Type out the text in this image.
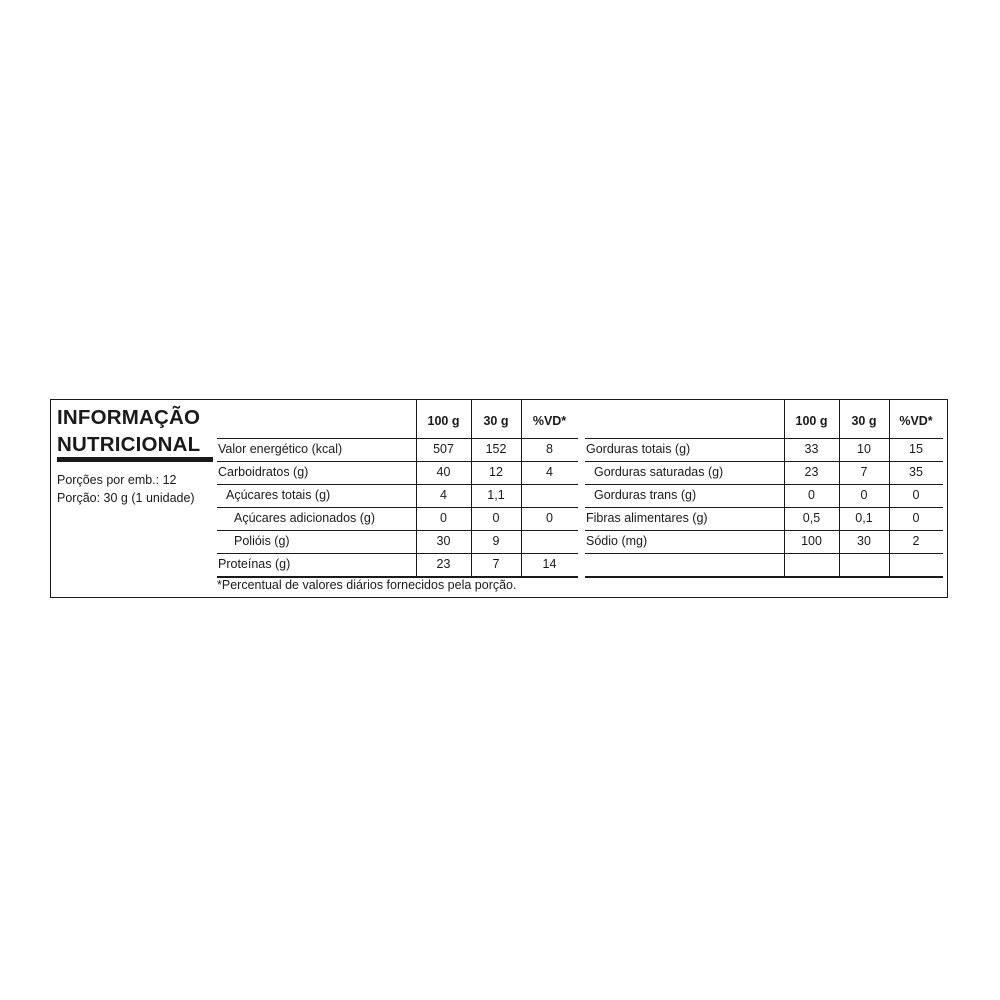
INFORMAÇÃO
NUTRICIONAL
Porções por emb.: 12
Porção: 30 g (1 unidade)
100 g	30 g	%VD*
Valor energético (kcal)	507	152	8
Carboidratos (g)	40	12	4
Açúcares totais (g)	4	1,1
Açúcares adicionados (g)	0	0	0
Polióis (g)	30	9
Proteínas (g)	23	7	14
100 g	30 g	%VD*
Gorduras totais (g)	33	10	15
Gorduras saturadas (g)	23	7	35
Gorduras trans (g)	0	0	0
Fibras alimentares (g)	0,5	0,1	0
Sódio (mg)	100	30	2
*Percentual de valores diários fornecidos pela porção.
